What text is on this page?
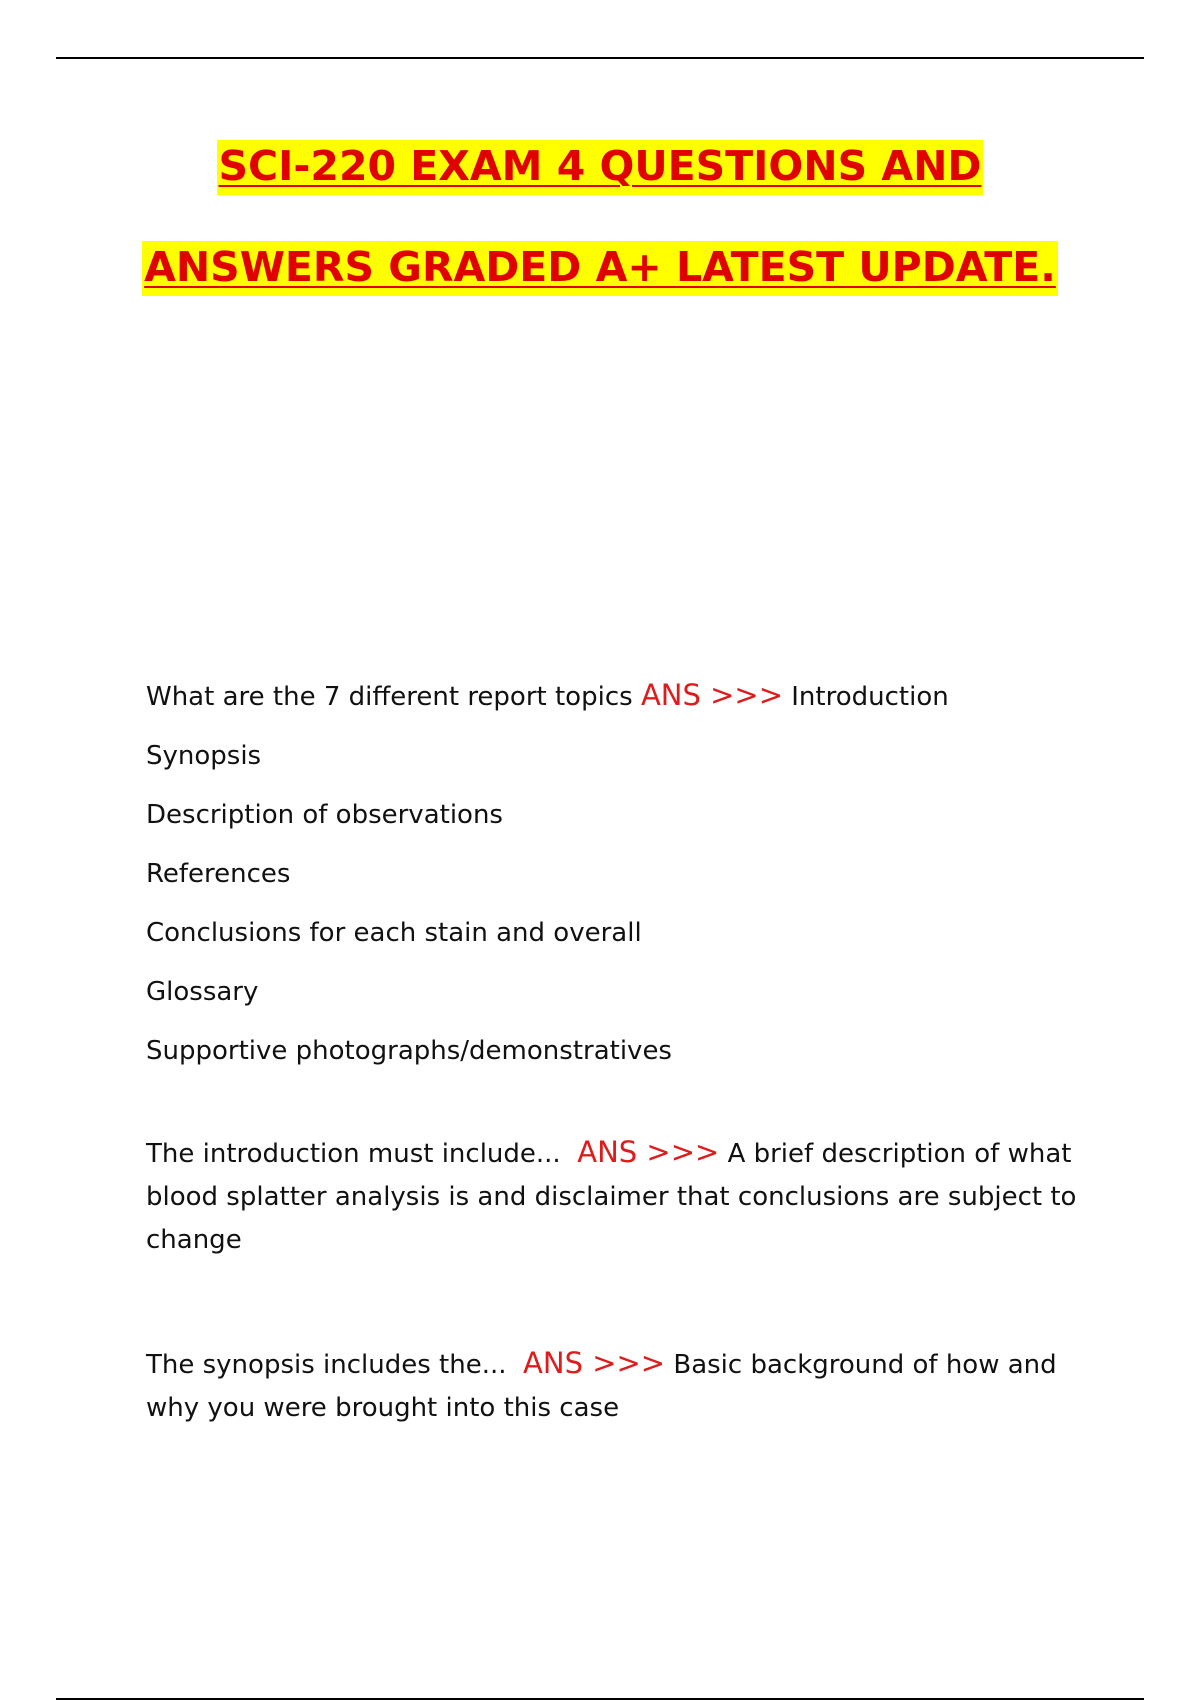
SCI-220 EXAM 4 QUESTIONS AND
ANSWERS GRADED A+ LATEST UPDATE.

What are the 7 different report topics ANS >>> Introduction

Synopsis

Description of observations

References

Conclusions for each stain and overall

Glossary

Supportive photographs/demonstratives

The introduction must include... ANS >>> A brief description of what blood splatter analysis is and disclaimer that conclusions are subject to change

The synopsis includes the... ANS >>> Basic background of how and why you were brought into this case
